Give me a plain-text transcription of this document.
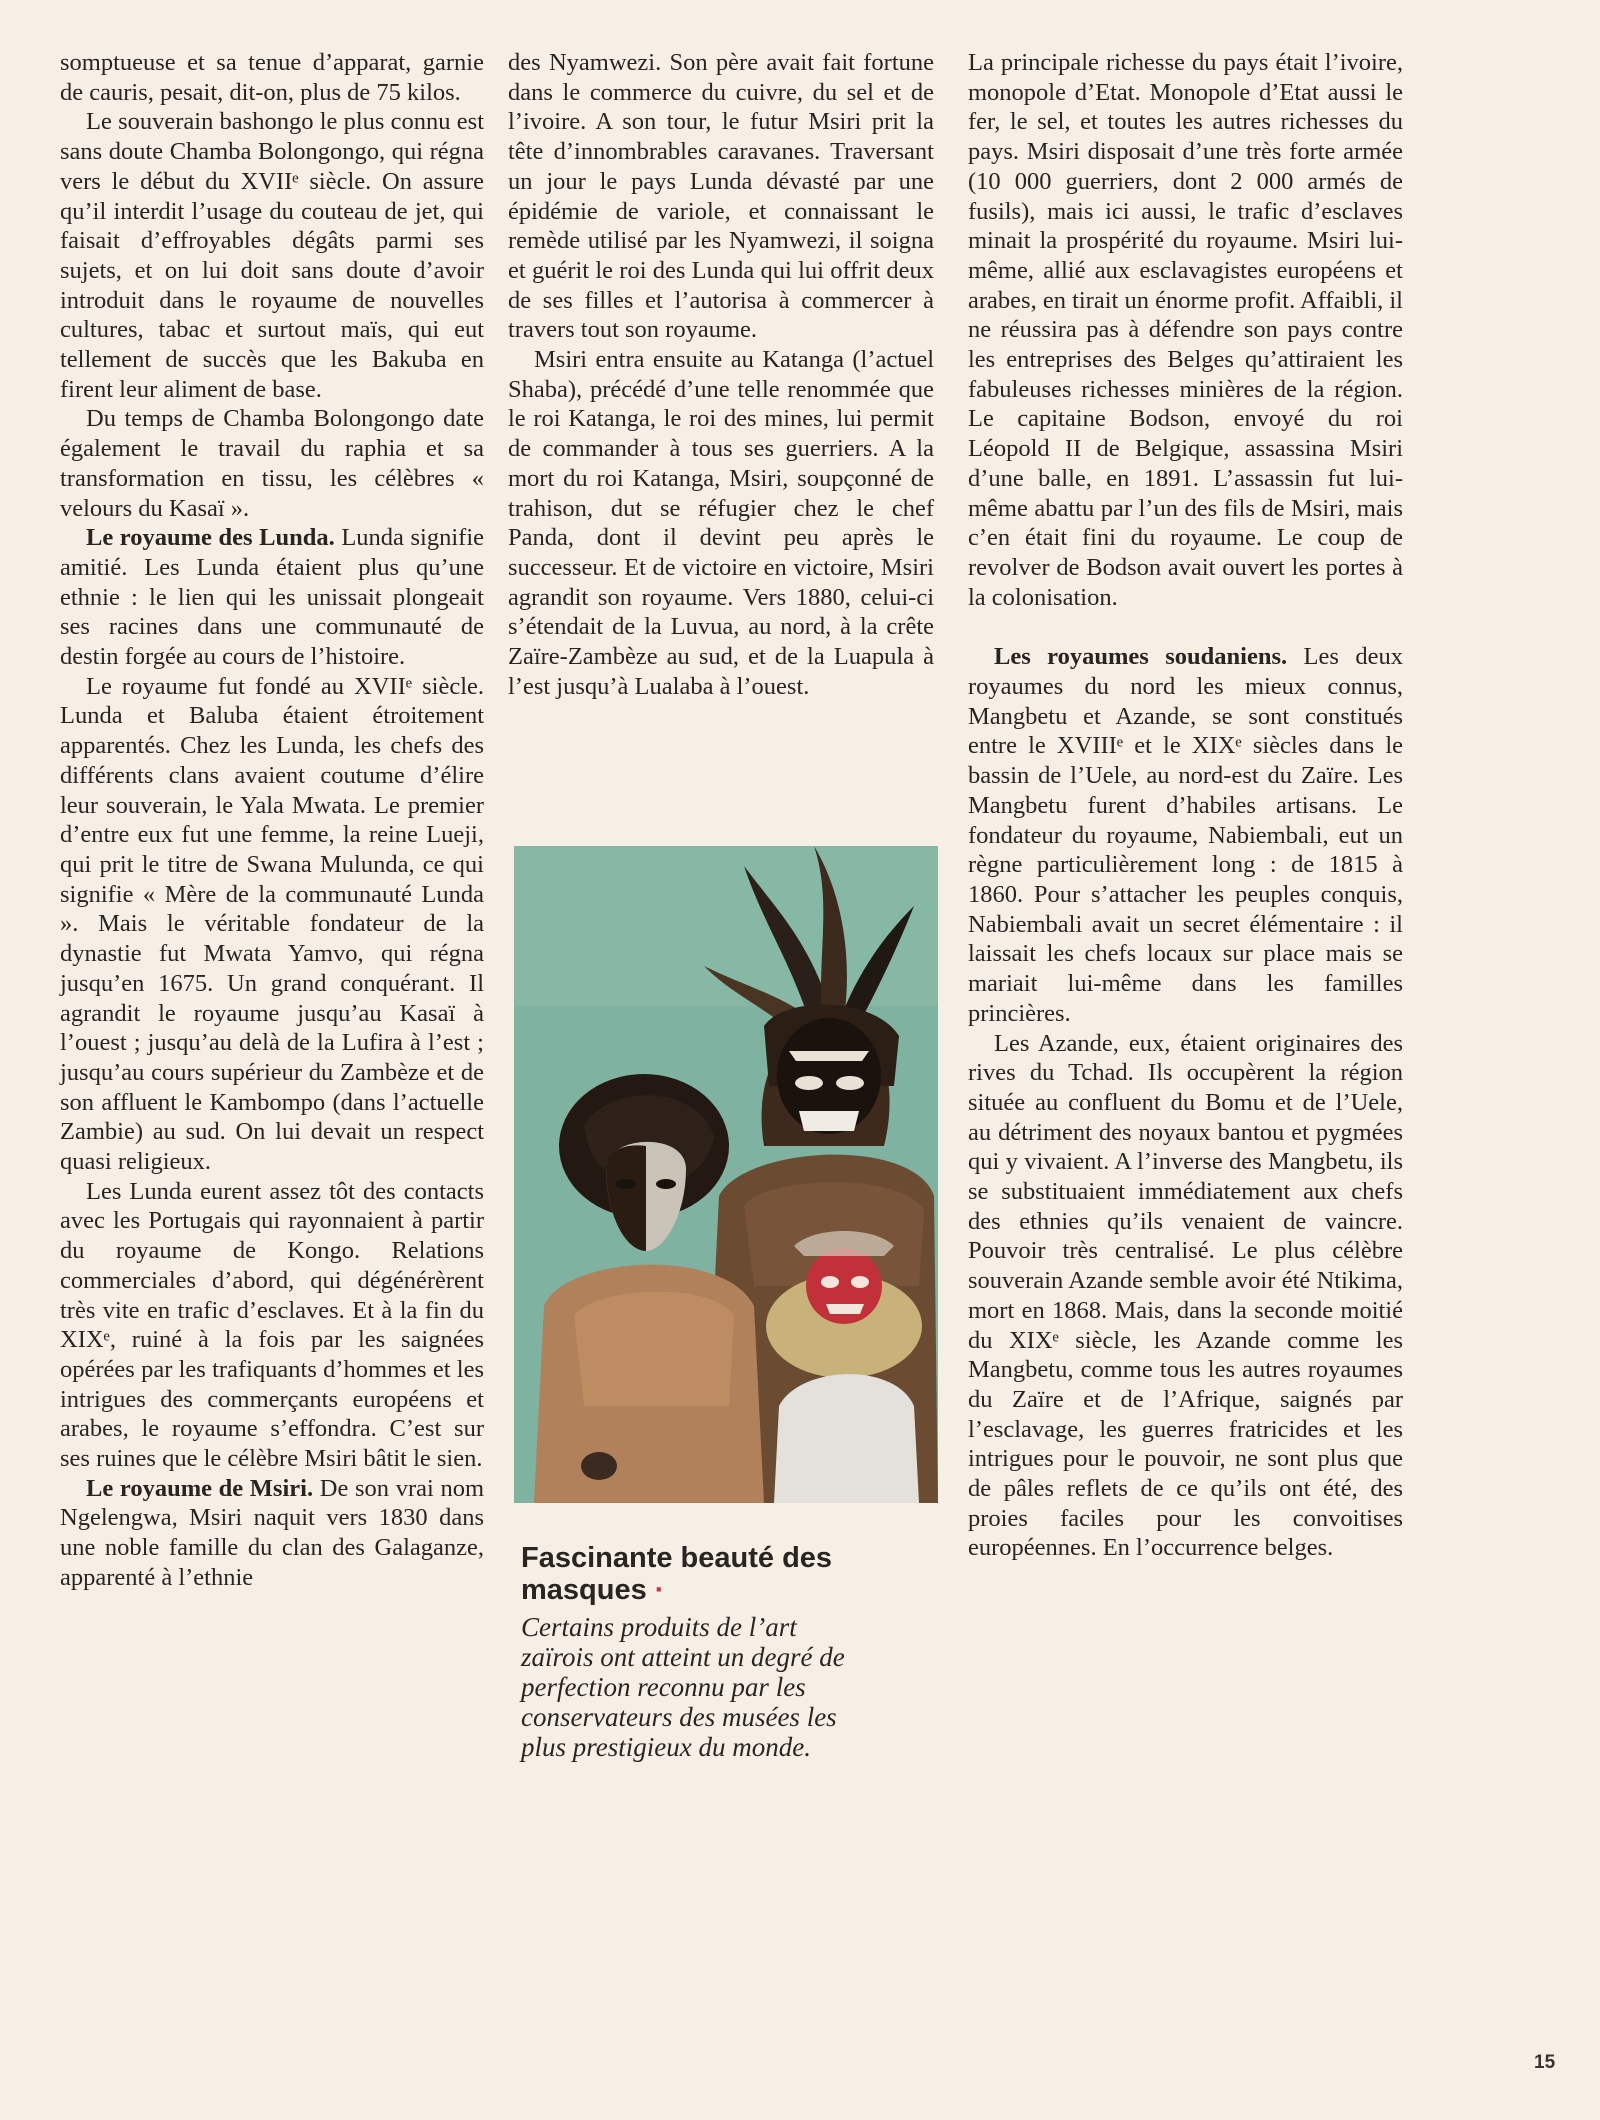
somptueuse et sa tenue d’apparat, garnie de cauris, pesait, dit-on, plus de 75 kilos.

Le souverain bashongo le plus connu est sans doute Chamba Bolongongo, qui régna vers le début du XVIIᵉ siècle. On assure qu’il interdit l’usage du couteau de jet, qui faisait d’effroyables dégâts parmi ses sujets, et on lui doit sans doute d’avoir introduit dans le royaume de nouvelles cultures, tabac et surtout maïs, qui eut tellement de succès que les Bakuba en firent leur aliment de base.

Du temps de Chamba Bolongongo date également le travail du raphia et sa transformation en tissu, les célèbres « velours du Kasaï ».

Le royaume des Lunda. Lunda signifie amitié. Les Lunda étaient plus qu’une ethnie : le lien qui les unissait plongeait ses racines dans une communauté de destin forgée au cours de l’histoire.

Le royaume fut fondé au XVIIᵉ siècle. Lunda et Baluba étaient étroitement apparentés. Chez les Lunda, les chefs des différents clans avaient coutume d’élire leur souverain, le Yala Mwata. Le premier d’entre eux fut une femme, la reine Lueji, qui prit le titre de Swana Mulunda, ce qui signifie « Mère de la communauté Lunda ». Mais le véritable fondateur de la dynastie fut Mwata Yamvo, qui régna jusqu’en 1675. Un grand conquérant. Il agrandit le royaume jusqu’au Kasaï à l’ouest ; jusqu’au delà de la Lufira à l’est ; jusqu’au cours supérieur du Zambèze et de son affluent le Kambompo (dans l’actuelle Zambie) au sud. On lui devait un respect quasi religieux.

Les Lunda eurent assez tôt des contacts avec les Portugais qui rayonnaient à partir du royaume de Kongo. Relations commerciales d’abord, qui dégénérèrent très vite en trafic d’esclaves. Et à la fin du XIXᵉ, ruiné à la fois par les saignées opérées par les trafiquants d’hommes et les intrigues des commerçants européens et arabes, le royaume s’effondra. C’est sur ses ruines que le célèbre Msiri bâtit le sien.

Le royaume de Msiri. De son vrai nom Ngelengwa, Msiri naquit vers 1830 dans une noble famille du clan des Galaganze, apparenté à l’ethnie

des Nyamwezi. Son père avait fait fortune dans le commerce du cuivre, du sel et de l’ivoire. A son tour, le futur Msiri prit la tête d’innombrables caravanes. Traversant un jour le pays Lunda dévasté par une épidémie de variole, et connaissant le remède utilisé par les Nyamwezi, il soigna et guérit le roi des Lunda qui lui offrit deux de ses filles et l’autorisa à commercer à travers tout son royaume.

Msiri entra ensuite au Katanga (l’actuel Shaba), précédé d’une telle renommée que le roi Katanga, le roi des mines, lui permit de commander à tous ses guerriers. A la mort du roi Katanga, Msiri, soupçonné de trahison, dut se réfugier chez le chef Panda, dont il devint peu après le successeur. Et de victoire en victoire, Msiri agrandit son royaume. Vers 1880, celui-ci s’étendait de la Luvua, au nord, à la crête Zaïre-Zambèze au sud, et de la Luapula à l’est jusqu’à Lualaba à l’ouest.

Fascinante beauté des masques ·
Certains produits de l’art zaïrois ont atteint un degré de perfection reconnu par les conservateurs des musées les plus prestigieux du monde.

La principale richesse du pays était l’ivoire, monopole d’Etat. Monopole d’Etat aussi le fer, le sel, et toutes les autres richesses du pays. Msiri disposait d’une très forte armée (10 000 guerriers, dont 2 000 armés de fusils), mais ici aussi, le trafic d’esclaves minait la prospérité du royaume. Msiri lui-même, allié aux esclavagistes européens et arabes, en tirait un énorme profit. Affaibli, il ne réussira pas à défendre son pays contre les entreprises des Belges qu’attiraient les fabuleuses richesses minières de la région. Le capitaine Bodson, envoyé du roi Léopold II de Belgique, assassina Msiri d’une balle, en 1891. L’assassin fut lui-même abattu par l’un des fils de Msiri, mais c’en était fini du royaume. Le coup de revolver de Bodson avait ouvert les portes à la colonisation.

Les royaumes soudaniens. Les deux royaumes du nord les mieux connus, Mangbetu et Azande, se sont constitués entre le XVIIIᵉ et le XIXᵉ siècles dans le bassin de l’Uele, au nord-est du Zaïre. Les Mangbetu furent d’habiles artisans. Le fondateur du royaume, Nabiembali, eut un règne particulièrement long : de 1815 à 1860. Pour s’attacher les peuples conquis, Nabiembali avait un secret élémentaire : il laissait les chefs locaux sur place mais se mariait lui-même dans les familles princières.

Les Azande, eux, étaient originaires des rives du Tchad. Ils occupèrent la région située au confluent du Bomu et de l’Uele, au détriment des noyaux bantou et pygmées qui y vivaient. A l’inverse des Mangbetu, ils se substituaient immédiatement aux chefs des ethnies qu’ils venaient de vaincre. Pouvoir très centralisé. Le plus célèbre souverain Azande semble avoir été Ntikima, mort en 1868. Mais, dans la seconde moitié du XIXᵉ siècle, les Azande comme les Mangbetu, comme tous les autres royaumes du Zaïre et de l’Afrique, saignés par l’esclavage, les guerres fratricides et les intrigues pour le pouvoir, ne sont plus que de pâles reflets de ce qu’ils ont été, des proies faciles pour les convoitises européennes. En l’occurrence belges.

15
